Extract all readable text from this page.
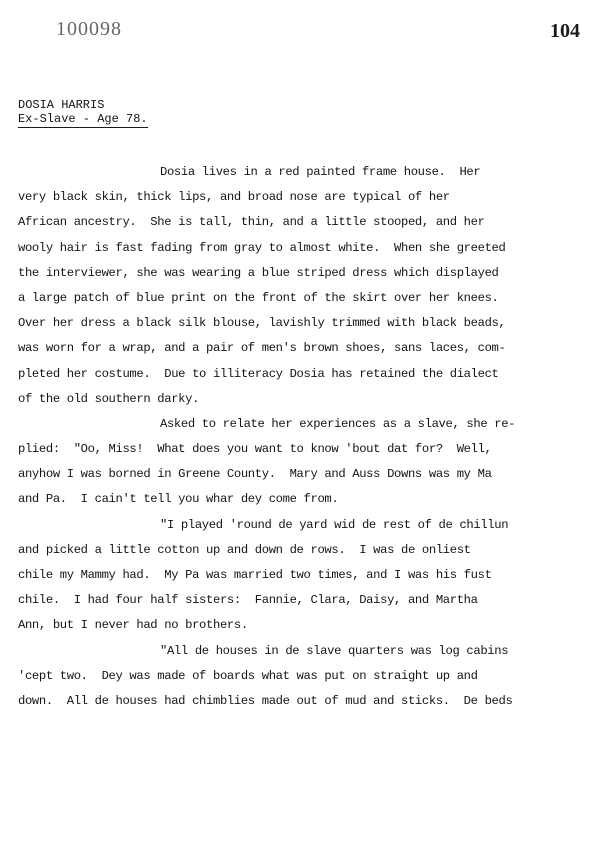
100098	104
DOSIA HARRIS
Ex-Slave - Age 78.
Dosia lives in a red painted frame house.  Her
very black skin, thick lips, and broad nose are typical of her
African ancestry.  She is tall, thin, and a little stooped, and her
wooly hair is fast fading from gray to almost white.  When she greeted
the interviewer, she was wearing a blue striped dress which displayed
a large patch of blue print on the front of the skirt over her knees.
Over her dress a black silk blouse, lavishly trimmed with black beads,
was worn for a wrap, and a pair of men's brown shoes, sans laces, com-
pleted her costume.  Due to illiteracy Dosia has retained the dialect
of the old southern darky.
Asked to relate her experiences as a slave, she re-
plied:  "Oo, Miss!  What does you want to know 'bout dat for?  Well,
anyhow I was borned in Greene County.  Mary and Auss Downs was my Ma
and Pa.  I cain't tell you whar dey come from.
"I played 'round de yard wid de rest of de chillun
and picked a little cotton up and down de rows.  I was de onliest
chile my Mammy had.  My Pa was married two times, and I was his fust
chile.  I had four half sisters:  Fannie, Clara, Daisy, and Martha
Ann, but I never had no brothers.
"All de houses in de slave quarters was log cabins
'cept two.  Dey was made of boards what was put on straight up and
down.  All de houses had chimblies made out of mud and sticks.  De beds
